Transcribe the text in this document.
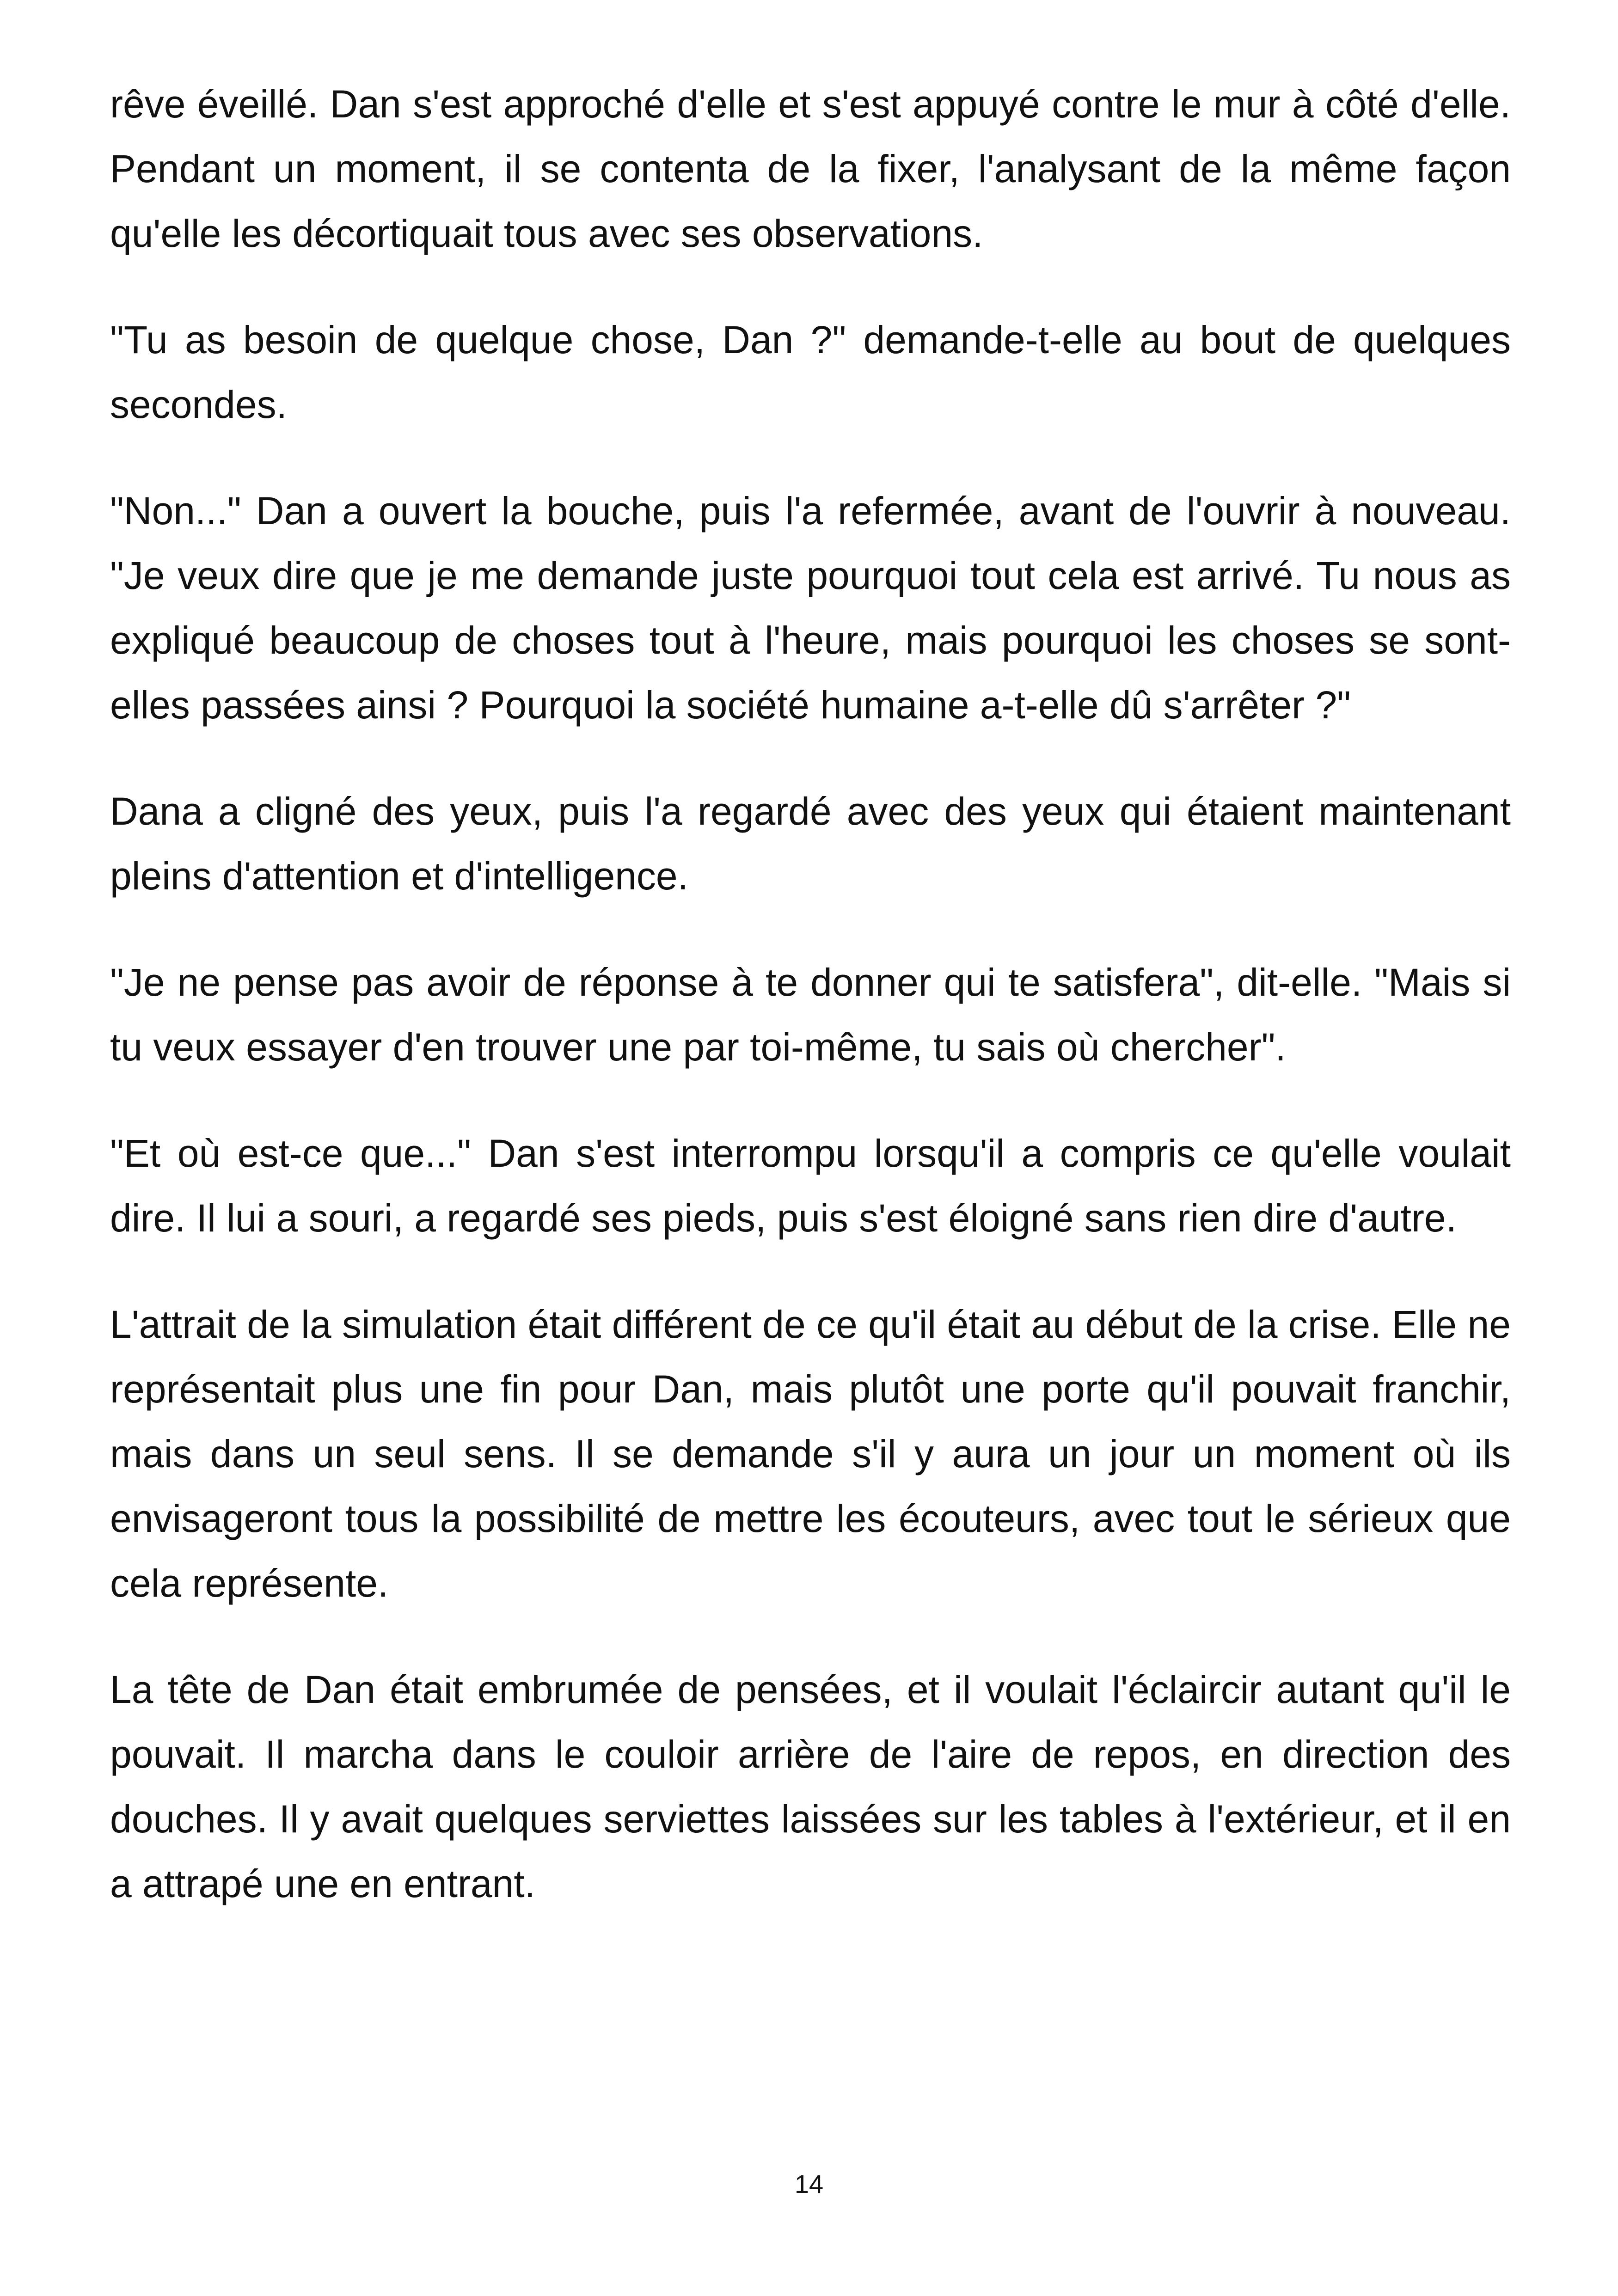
rêve éveillé. Dan s'est approché d'elle et s'est appuyé contre le mur à côté d'elle. Pendant un moment, il se contenta de la fixer, l'analysant de la même façon qu'elle les décortiquait tous avec ses observations.

"Tu as besoin de quelque chose, Dan ?" demande-t-elle au bout de quelques secondes.

"Non..." Dan a ouvert la bouche, puis l'a refermée, avant de l'ouvrir à nouveau. "Je veux dire que je me demande juste pourquoi tout cela est arrivé. Tu nous as expliqué beaucoup de choses tout à l'heure, mais pourquoi les choses se sont-elles passées ainsi ? Pourquoi la société humaine a-t-elle dû s'arrêter ?"

Dana a cligné des yeux, puis l'a regardé avec des yeux qui étaient maintenant pleins d'attention et d'intelligence.

"Je ne pense pas avoir de réponse à te donner qui te satisfera", dit-elle. "Mais si tu veux essayer d'en trouver une par toi-même, tu sais où chercher".

"Et où est-ce que..." Dan s'est interrompu lorsqu'il a compris ce qu'elle voulait dire. Il lui a souri, a regardé ses pieds, puis s'est éloigné sans rien dire d'autre.

L'attrait de la simulation était différent de ce qu'il était au début de la crise. Elle ne représentait plus une fin pour Dan, mais plutôt une porte qu'il pouvait franchir, mais dans un seul sens. Il se demande s'il y aura un jour un moment où ils envisageront tous la possibilité de mettre les écouteurs, avec tout le sérieux que cela représente.

La tête de Dan était embrumée de pensées, et il voulait l'éclaircir autant qu'il le pouvait. Il marcha dans le couloir arrière de l'aire de repos, en direction des douches. Il y avait quelques serviettes laissées sur les tables à l'extérieur, et il en a attrapé une en entrant.

14
